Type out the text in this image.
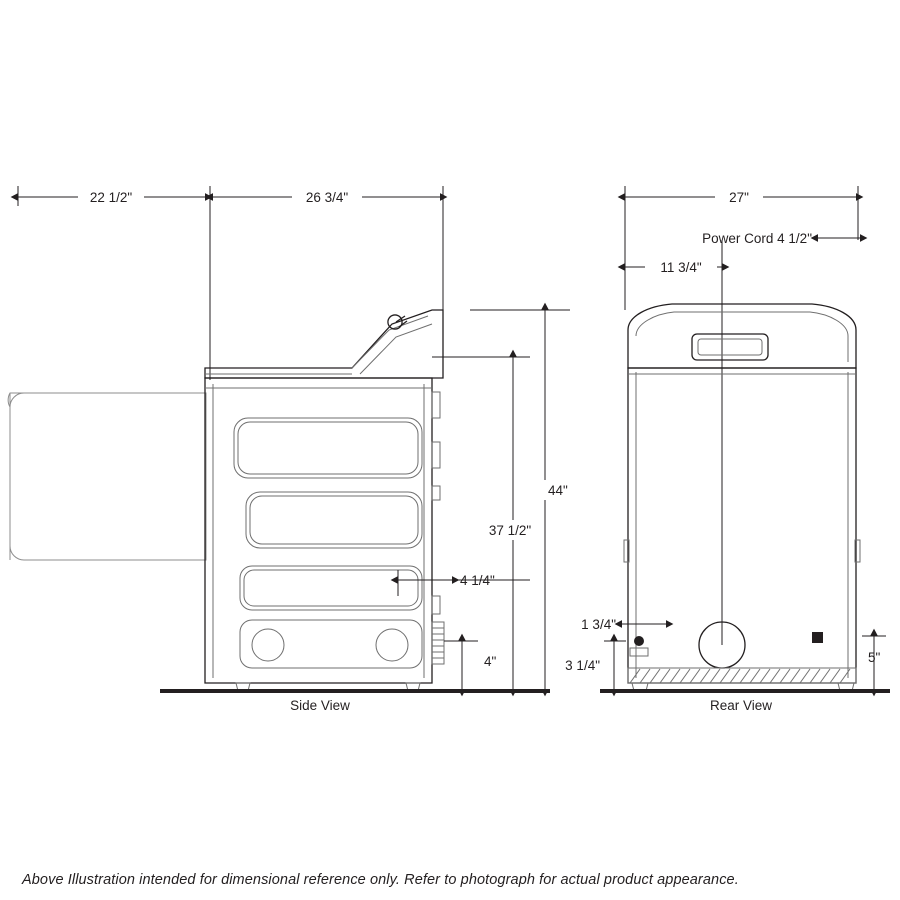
22 1/2"	26 3/4"
44"
37 1/2"
4 1/4"
4"
Side View
27"
Power Cord 4 1/2"
11 3/4"
1 3/4"
3 1/4"
5"
Rear View
Above Illustration intended for dimensional reference only. Refer to photograph for actual product appearance.
